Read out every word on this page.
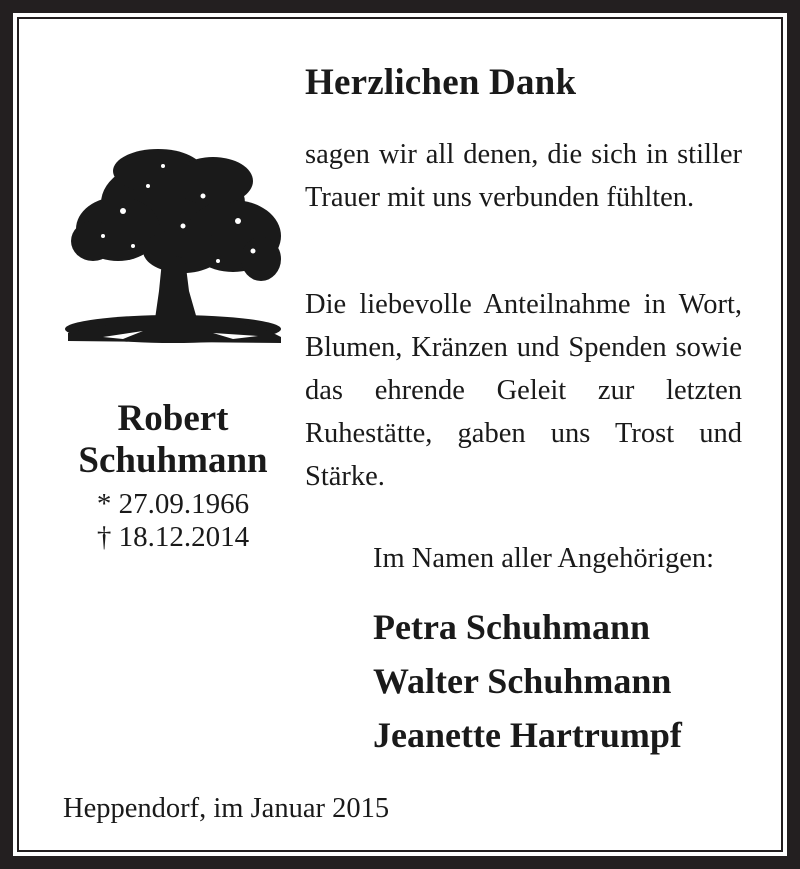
Robert
Schuhmann
* 27.09.1966
† 18.12.2014
Herzlichen Dank
sagen wir all denen, die sich in stiller Trauer mit uns verbunden fühlten.
Die liebevolle Anteilnahme in Wort, Blumen, Kränzen und Spenden sowie das ehrende Geleit zur letzten Ruhestätte, gaben uns Trost und Stärke.
Im Namen aller Angehörigen:
Petra Schuhmann
Walter Schuhmann
Jeanette Hartrumpf
Heppendorf, im Januar 2015
